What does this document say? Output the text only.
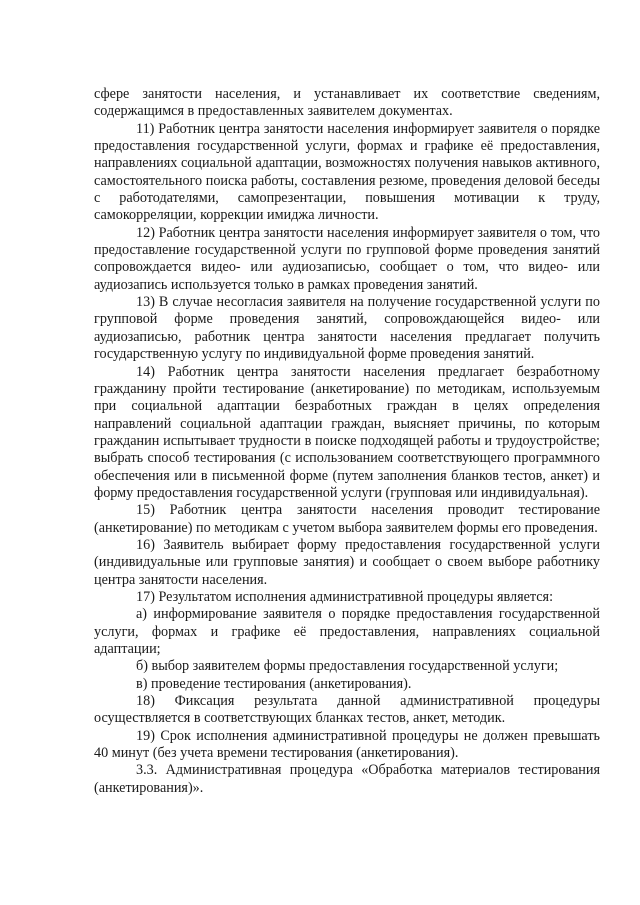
сфере занятости населения, и устанавливает их соответствие сведениям, содержащимся в предоставленных заявителем документах.

11) Работник центра занятости населения информирует заявителя о порядке предоставления государственной услуги, формах и графике её предоставления, направлениях социальной адаптации, возможностях получения навыков активного, самостоятельного поиска работы, составления резюме, проведения деловой беседы с работодателями, самопрезентации, повышения мотивации к труду, самокорреляции, коррекции имиджа личности.

12) Работник центра занятости населения информирует заявителя о том, что предоставление государственной услуги по групповой форме проведения занятий сопровождается видео- или аудиозаписью, сообщает о том, что видео- или аудиозапись используется только в рамках проведения занятий.

13) В случае несогласия заявителя на получение государственной услуги по групповой форме проведения занятий, сопровождающейся видео- или аудиозаписью, работник центра занятости населения предлагает получить государственную услугу по индивидуальной форме проведения занятий.

14) Работник центра занятости населения предлагает безработному гражданину пройти тестирование (анкетирование) по методикам, используемым при социальной адаптации безработных граждан в целях определения направлений социальной адаптации граждан, выясняет причины, по которым гражданин испытывает трудности в поиске подходящей работы и трудоустройстве; выбрать способ тестирования (с использованием соответствующего программного обеспечения или в письменной форме (путем заполнения бланков тестов, анкет) и форму предоставления государственной услуги (групповая или индивидуальная).

15) Работник центра занятости населения проводит тестирование (анкетирование) по методикам с учетом выбора заявителем формы его проведения.

16) Заявитель выбирает форму предоставления государственной услуги (индивидуальные или групповые занятия) и сообщает о своем выборе работнику центра занятости населения.

17) Результатом исполнения административной процедуры является:

а) информирование заявителя о порядке предоставления государственной услуги, формах и графике её предоставления, направлениях социальной адаптации;

б) выбор заявителем формы предоставления государственной услуги;

в) проведение тестирования (анкетирования).

18) Фиксация результата данной административной процедуры осуществляется в соответствующих бланках тестов, анкет, методик.

19) Срок исполнения административной процедуры не должен превышать 40 минут (без учета времени тестирования (анкетирования).

3.3. Административная процедура «Обработка материалов тестирования (анкетирования)».
